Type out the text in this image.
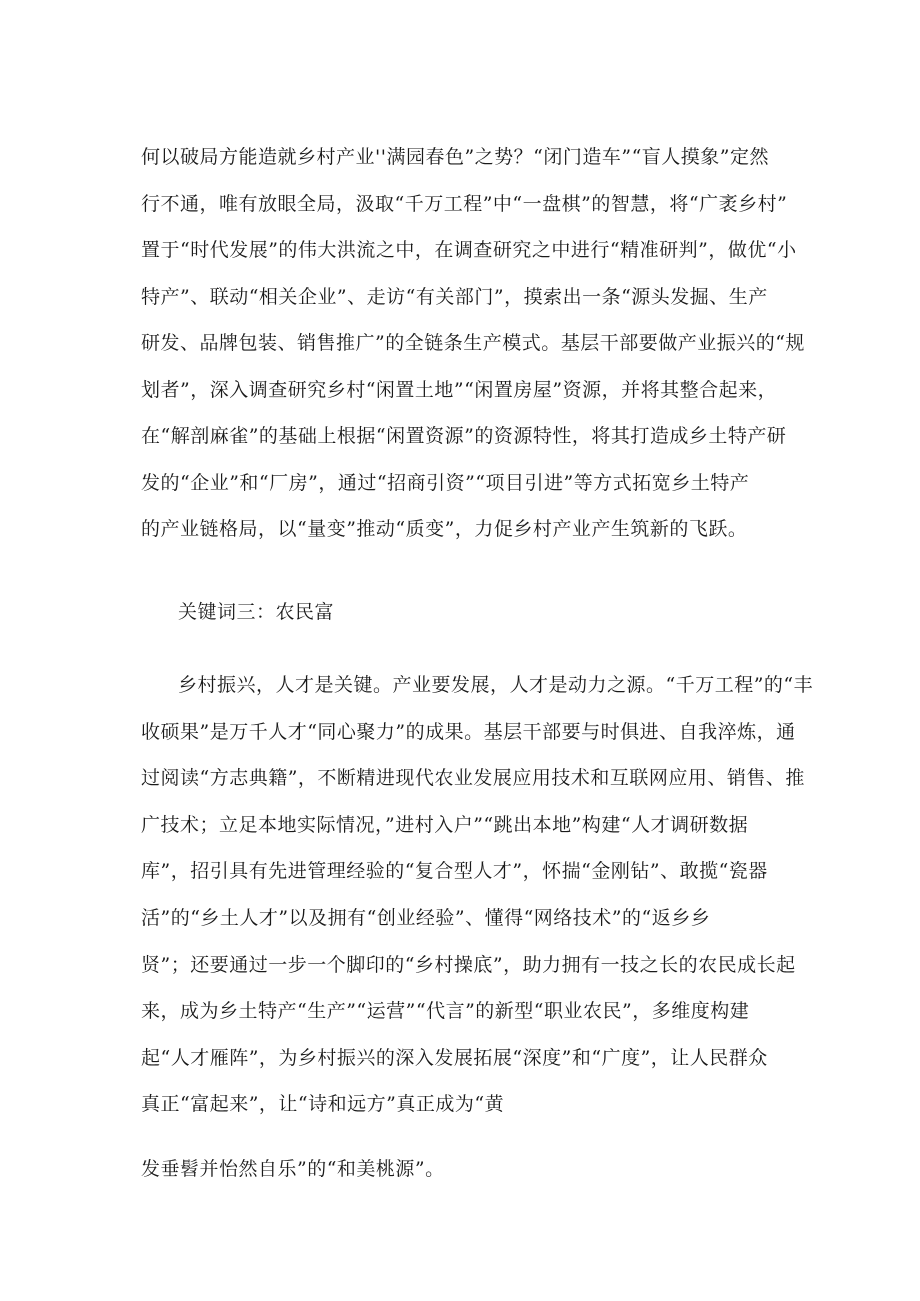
何以破局方能造就乡村产业''满园春色”之势？“闭门造车”“盲人摸象”定然
行不通，唯有放眼全局，汲取“千万工程”中“一盘棋”的智慧，将“广袤乡村”
置于“时代发展”的伟大洪流之中，在调查研究之中进行“精准研判”，做优“小
特产”、联动“相关企业”、走访“有关部门”，摸索出一条“源头发掘、生产
研发、品牌包装、销售推广”的全链条生产模式。基层干部要做产业振兴的“规
划者”，深入调查研究乡村“闲置土地”“闲置房屋”资源，并将其整合起来，
在“解剖麻雀”的基础上根据“闲置资源”的资源特性，将其打造成乡土特产研
发的“企业”和“厂房”，通过“招商引资”“项目引进”等方式拓宽乡土特产
的产业链格局，以“量变”推动“质变”，力促乡村产业产生筑新的飞跃。
关键词三：农民富
乡村振兴，人才是关键。产业要发展，人才是动力之源。“千万工程”的“丰
收硕果”是万千人才“同心聚力”的成果。基层干部要与时俱进、自我淬炼，通
过阅读“方志典籍”，不断精进现代农业发展应用技术和互联网应用、销售、推
广技术；立足本地实际情况，”进村入户”“跳出本地”构建“人才调研数据
库”，招引具有先进管理经验的“复合型人才”，怀揣“金刚钻”、敢揽“瓷器
活”的“乡土人才”以及拥有“创业经验”、懂得“网络技术”的“返乡乡
贤”；还要通过一步一个脚印的“乡村操底”，助力拥有一技之长的农民成长起
来，成为乡土特产“生产”“运营”“代言”的新型“职业农民”，多维度构建
起“人才雁阵”，为乡村振兴的深入发展拓展“深度”和“广度”，让人民群众
真正“富起来”，让“诗和远方”真正成为“黄
发垂髫并怡然自乐”的“和美桃源”。
